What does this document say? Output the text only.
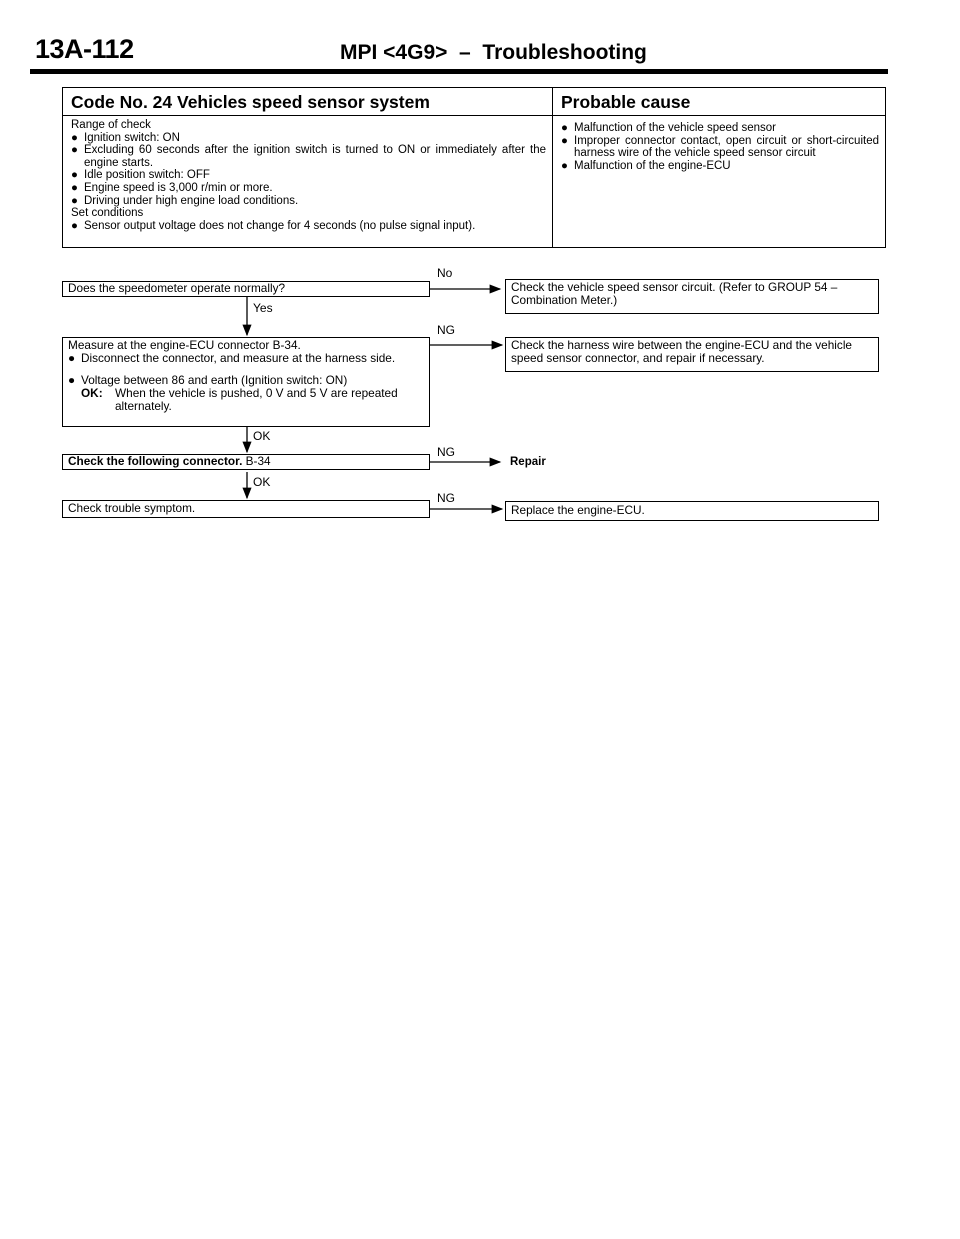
13A-112	MPI <4G9>  –  Troubleshooting
Code No. 24 Vehicles speed sensor system
Range of check
● Ignition switch: ON
● Excluding 60 seconds after the ignition switch is turned to ON or immediately after the engine starts.
● Idle position switch: OFF
● Engine speed is 3,000 r/min or more.
● Driving under high engine load conditions.
Set conditions
● Sensor output voltage does not change for 4 seconds (no pulse signal input).
Probable cause
● Malfunction of the vehicle speed sensor
● Improper connector contact, open circuit or short-circuited harness wire of the vehicle speed sensor circuit
● Malfunction of the engine-ECU
Does the speedometer operate normally?
No
Check the vehicle speed sensor circuit. (Refer to GROUP 54 – Combination Meter.)
Yes
Measure at the engine-ECU connector B-34.
● Disconnect the connector, and measure at the harness side.
● Voltage between 86 and earth (Ignition switch: ON)
OK:	When the vehicle is pushed, 0 V and 5 V are repeated alternately.
NG
Check the harness wire between the engine-ECU and the vehicle speed sensor connector, and repair if necessary.
OK
Check the following connector. B-34
NG
Repair
OK
Check trouble symptom.
NG
Replace the engine-ECU.
